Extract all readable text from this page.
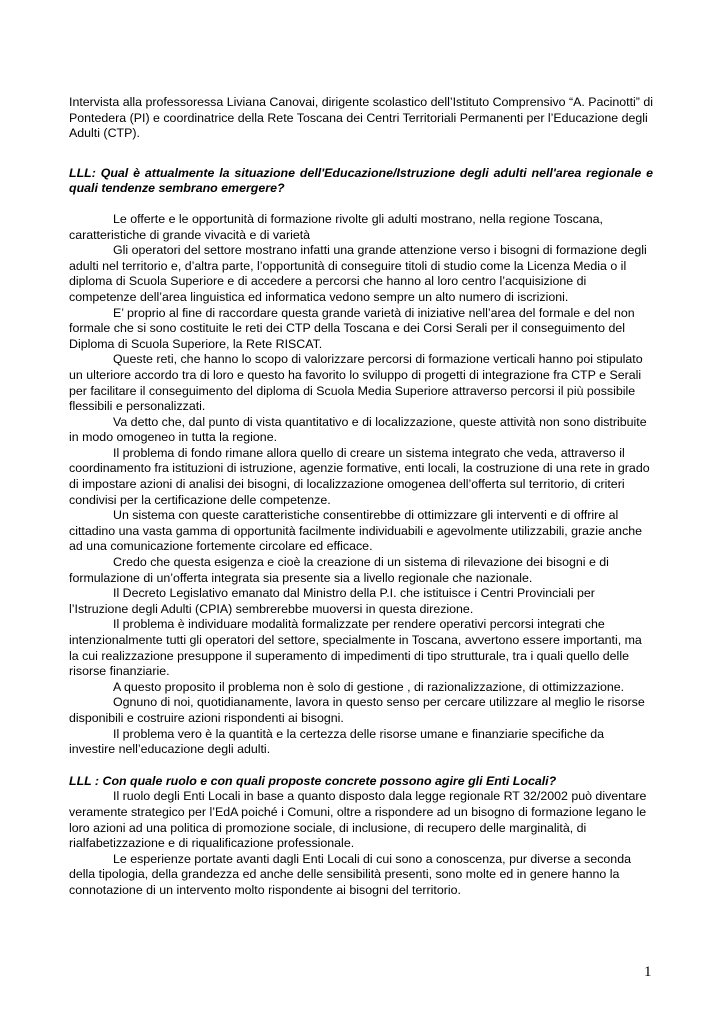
Intervista alla professoressa Liviana Canovai, dirigente scolastico dell’Istituto Comprensivo “A. Pacinotti” di Pontedera (PI) e coordinatrice della Rete Toscana dei Centri Territoriali Permanenti per l’Educazione degli Adulti (CTP).

LLL: Qual è attualmente la situazione dell'Educazione/Istruzione degli adulti nell'area regionale e quali tendenze sembrano emergere?

Le offerte e le opportunità di formazione rivolte gli adulti mostrano, nella regione Toscana, caratteristiche di grande vivacità e di varietà

Gli operatori del settore mostrano infatti una grande attenzione verso i bisogni di formazione degli adulti nel territorio e, d’altra parte, l’opportunità di conseguire titoli di studio come la Licenza Media o il diploma di Scuola Superiore e di accedere a percorsi che hanno al loro centro l’acquisizione di competenze dell’area linguistica ed informatica vedono sempre un alto numero di iscrizioni.

E’ proprio al fine di raccordare questa grande varietà di iniziative nell’area del formale e del non formale che si sono costituite le reti dei CTP della Toscana e dei Corsi Serali per il conseguimento del Diploma di Scuola Superiore, la Rete RISCAT.

Queste reti, che hanno lo scopo di valorizzare percorsi di formazione verticali hanno poi stipulato un ulteriore accordo tra di loro e questo ha favorito lo sviluppo di progetti di integrazione fra CTP e Serali per facilitare il conseguimento del diploma di Scuola Media Superiore attraverso percorsi il più possibile flessibili e personalizzati.

Va detto che, dal punto di vista quantitativo e di localizzazione, queste attività non sono distribuite in modo omogeneo in tutta la regione.

Il problema di fondo rimane allora quello di creare un sistema integrato che veda, attraverso il coordinamento fra istituzioni di istruzione, agenzie formative, enti locali, la costruzione di una rete in grado di impostare azioni di analisi dei bisogni, di localizzazione omogenea dell’offerta sul territorio, di criteri condivisi per la certificazione delle competenze.

Un sistema con queste caratteristiche consentirebbe di ottimizzare gli interventi e di offrire al cittadino una vasta gamma di opportunità facilmente individuabili e agevolmente utilizzabili, grazie anche ad una comunicazione fortemente circolare ed efficace.

Credo che questa esigenza e cioè la creazione di un sistema di rilevazione dei bisogni e di formulazione di un’offerta integrata sia presente sia a livello regionale che nazionale.

Il Decreto Legislativo emanato dal Ministro della P.I. che istituisce i Centri Provinciali per l’Istruzione degli Adulti (CPIA) sembrerebbe muoversi in questa direzione.

Il problema è individuare modalità formalizzate per rendere operativi percorsi integrati che intenzionalmente tutti gli operatori del settore, specialmente in Toscana, avvertono essere importanti, ma la cui realizzazione presuppone il superamento di impedimenti di tipo strutturale, tra i quali quello delle risorse finanziarie.

A questo proposito il problema non è solo di gestione , di razionalizzazione, di ottimizzazione.

Ognuno di noi, quotidianamente, lavora in questo senso per cercare utilizzare al meglio le risorse disponibili e costruire azioni rispondenti ai bisogni.

Il problema vero è la quantità e la certezza delle risorse umane e finanziarie specifiche da investire nell’educazione degli adulti.

LLL : Con quale ruolo e con quali proposte concrete possono agire gli Enti Locali?

Il ruolo degli Enti Locali in base a quanto disposto dala legge regionale RT 32/2002 può diventare veramente strategico per l’EdA poiché i Comuni, oltre a rispondere ad un bisogno di formazione legano le loro azioni ad una politica di promozione sociale, di inclusione, di recupero delle marginalità, di rialfabetizzazione e di riqualificazione professionale.

Le esperienze portate avanti dagli Enti Locali di cui sono a conoscenza, pur diverse a seconda della tipologia, della grandezza ed anche delle sensibilità presenti, sono molte ed in genere hanno la connotazione di un intervento molto rispondente ai bisogni del territorio.

1
